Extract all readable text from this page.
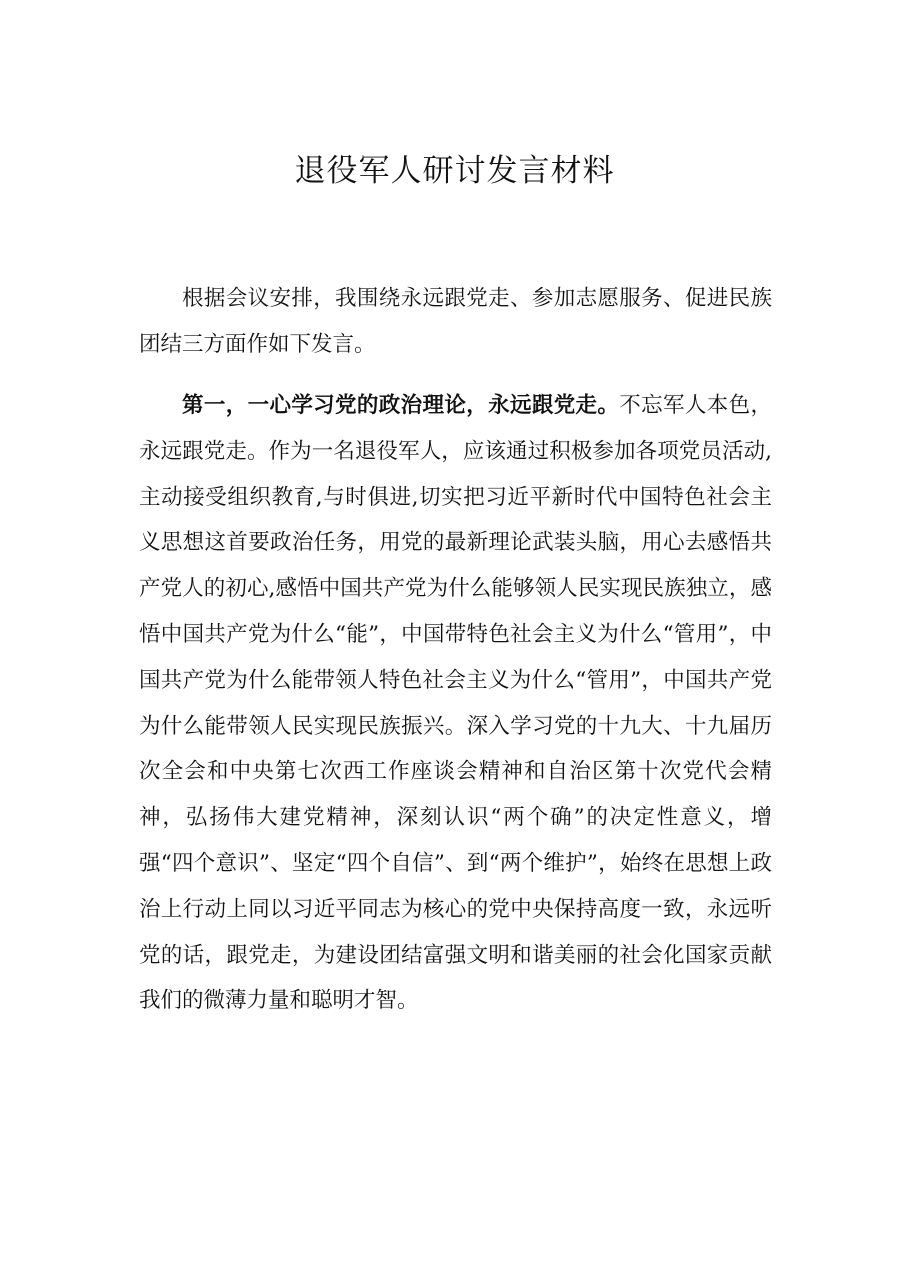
退役军人研讨发言材料

根据会议安排，我围绕永远跟党走、参加志愿服务、促进民族团结三方面作如下发言。

第一，一心学习党的政治理论，永远跟党走。不忘军人本色，永远跟党走。作为一名退役军人，应该通过积极参加各项党员活动,主动接受组织教育,与时俱进,切实把习近平新时代中国特色社会主义思想这首要政治任务，用党的最新理论武装头脑，用心去感悟共产党人的初心,感悟中国共产党为什么能够领人民实现民族独立，感悟中国共产党为什么“能”，中国带特色社会主义为什么“管用”，中国共产党为什么能带领人特色社会主义为什么“管用”，中国共产党为什么能带领人民实现民族振兴。深入学习党的十九大、十九届历次全会和中央第七次西工作座谈会精神和自治区第十次党代会精神，弘扬伟大建党精神，深刻认识“两个确”的决定性意义，增强“四个意识”、坚定“四个自信”、到“两个维护”，始终在思想上政治上行动上同以习近平同志为核心的党中央保持高度一致，永远听党的话，跟党走，为建设团结富强文明和谐美丽的社会化国家贡献我们的微薄力量和聪明才智。
